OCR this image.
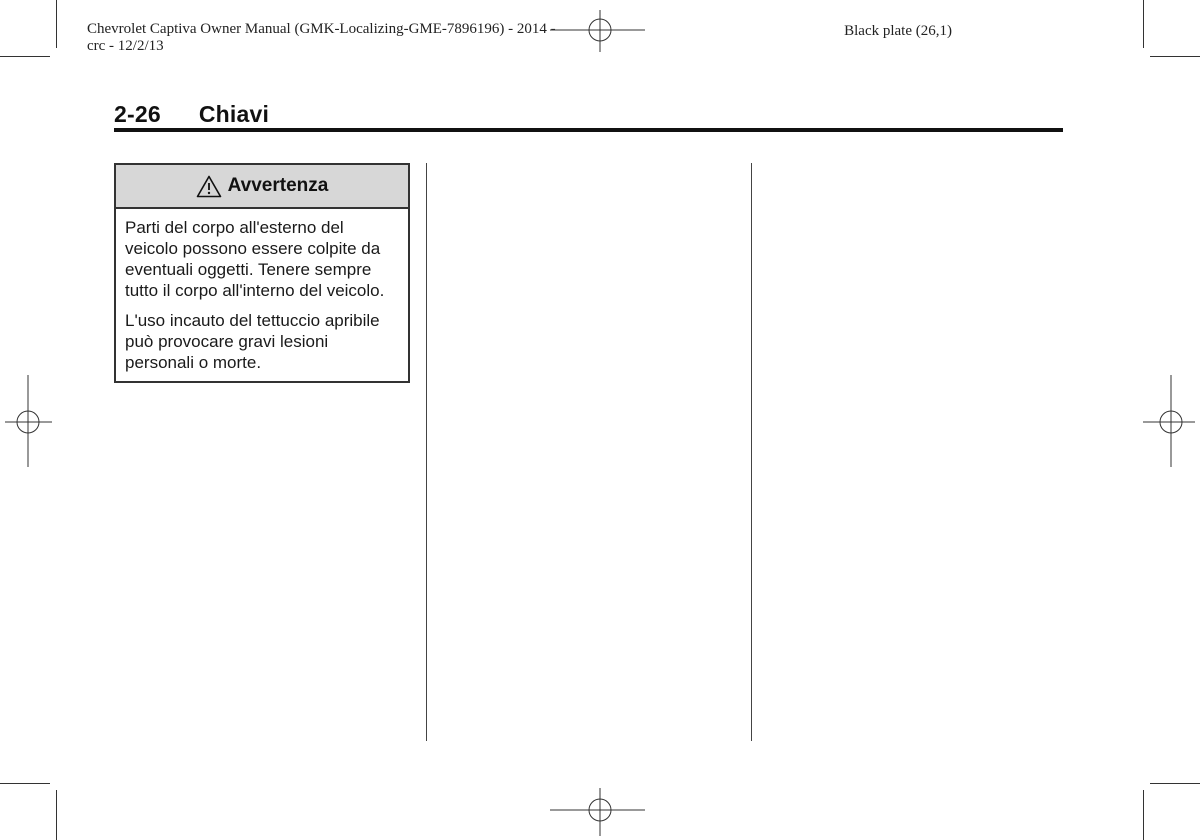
Chevrolet Captiva Owner Manual (GMK-Localizing-GME-7896196) - 2014 -
crc - 12/2/13
Black plate (26,1)
2-26 Chiavi
Avvertenza

Parti del corpo all'esterno del veicolo possono essere colpite da eventuali oggetti. Tenere sempre tutto il corpo all'interno del veicolo.

L'uso incauto del tettuccio apribile può provocare gravi lesioni personali o morte.
